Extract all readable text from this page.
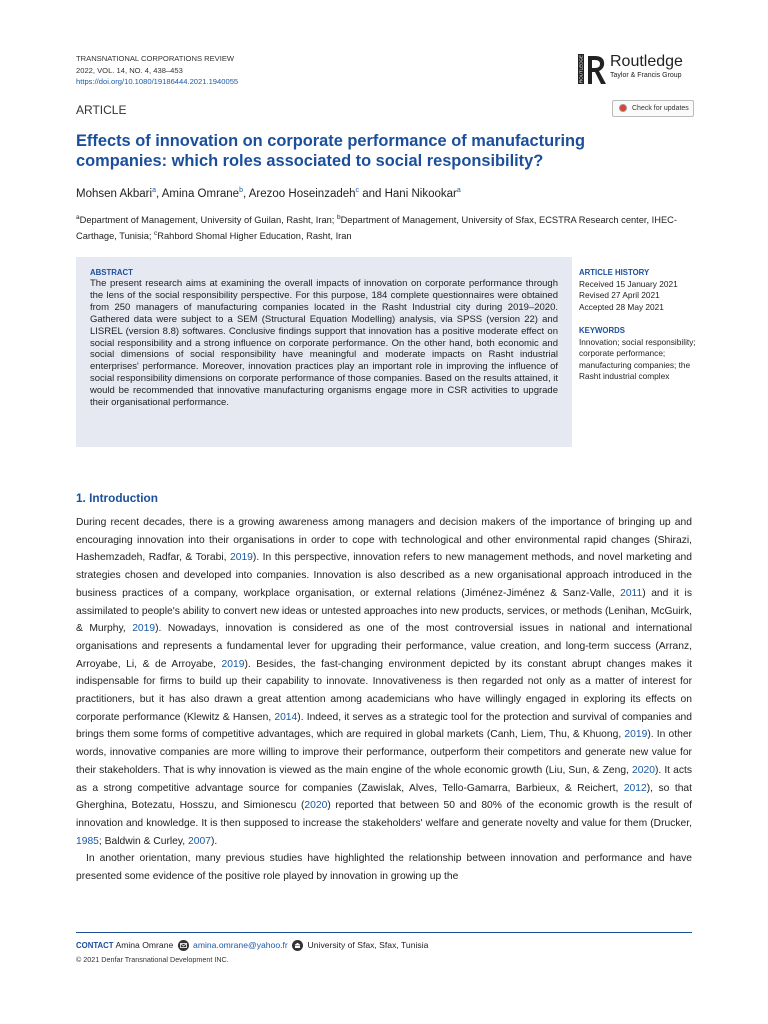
TRANSNATIONAL CORPORATIONS REVIEW
2022, VOL. 14, NO. 4, 438–453
https://doi.org/10.1080/19186444.2021.1940055	ROUTLEDGE Routledge
Taylor & Francis Group
ARTICLE	Check for updates
Effects of innovation on corporate performance of manufacturing companies: which roles associated to social responsibility?
Mohsen Akbari$^a$, Amina Omrane$^b$, Arezoo Hoseinzadeh$^c$ and Hani Nikookar$^a$
$^a$Department of Management, University of Guilan, Rasht, Iran; $^b$Department of Management, University of Sfax, ECSTRA Research center, IHEC-Carthage, Tunisia; $^c$Rahbord Shomal Higher Education, Rasht, Iran
ABSTRACT
The present research aims at examining the overall impacts of innovation on corporate performance through the lens of the social responsibility perspective. For this purpose, 184 complete questionnaires were obtained from 250 managers of manufacturing companies located in the Rasht Industrial city during 2019–2020. Gathered data were subject to a SEM (Structural Equation Modelling) analysis, via SPSS (version 22) and LISREL (version 8.8) softwares. Conclusive findings support that innovation has a positive moderate effect on social responsibility and a strong influence on corporate performance. On the other hand, both economic and social dimensions of social responsibility have meaningful and moderate impacts on Rasht industrial enterprises' performance. Moreover, innovation practices play an important role in improving the influence of social responsibility dimensions on corporate performance of those companies. Based on the results attained, it would be recommended that innovative manufacturing organisms engage more in CSR activities to upgrade their organisational performance.
ARTICLE HISTORY
Received 15 January 2021
Revised 27 April 2021
Accepted 28 May 2021
KEYWORDS
Innovation; social responsibility; corporate performance; manufacturing companies; the Rasht industrial complex
1. Introduction

During recent decades, there is a growing awareness among managers and decision makers of the importance of bringing up and encouraging innovation into their organisations in order to cope with technological and other environmental rapid changes (Shirazi, Hashemzadeh, Radfar, & Torabi, 2019). In this perspective, innovation refers to new management methods, and novel marketing and strategies chosen and developed into companies. Innovation is also described as a new organisational approach introduced in the business practices of a company, workplace organisation, or external relations (Jiménez-Jiménez & Sanz-Valle, 2011) and it is assimilated to people's ability to convert new ideas or untested approaches into new products, services, or methods (Lenihan, McGuirk, & Murphy, 2019). Nowadays, innovation is considered as one of the most controversial issues in national and international organisations and represents a fundamental lever for upgrading their performance, value creation, and long-term success (Arranz, Arroyabe, Li, & de Arroyabe, 2019). Besides, the fast-changing environment depicted by its constant abrupt changes makes it indispensable for firms to build up their capability to innovate. Innovativeness is then regarded not only as a matter of interest for practitioners, but it has also drawn a great attention among academicians who have willingly engaged in exploring its effects on corporate performance (Klewitz & Hansen, 2014). Indeed, it serves as a strategic tool for the protection and survival of companies and brings them some forms of competitive advantages, which are required in global markets (Canh, Liem, Thu, & Khuong, 2019). In other words, innovative companies are more willing to improve their performance, outperform their competitors and generate new value for their stakeholders. That is why innovation is viewed as the main engine of the whole economic growth (Liu, Sun, & Zeng, 2020). It acts as a strong competitive advantage source for companies (Zawislak, Alves, Tello-Gamarra, Barbieux, & Reichert, 2012), so that Gherghina, Botezatu, Hosszu, and Simionescu (2020) reported that between 50 and 80% of the economic growth is the result of innovation and knowledge. It is then supposed to increase the stakeholders' welfare and generate novelty and value for them (Drucker, 1985; Baldwin & Curley, 2007).

In another orientation, many previous studies have highlighted the relationship between innovation and performance and have presented some evidence of the positive role played by innovation in growing up the

CONTACT Amina Omrane amina.omrane@yahoo.fr University of Sfax, Sfax, Tunisia
© 2021 Denfar Transnational Development INC.
